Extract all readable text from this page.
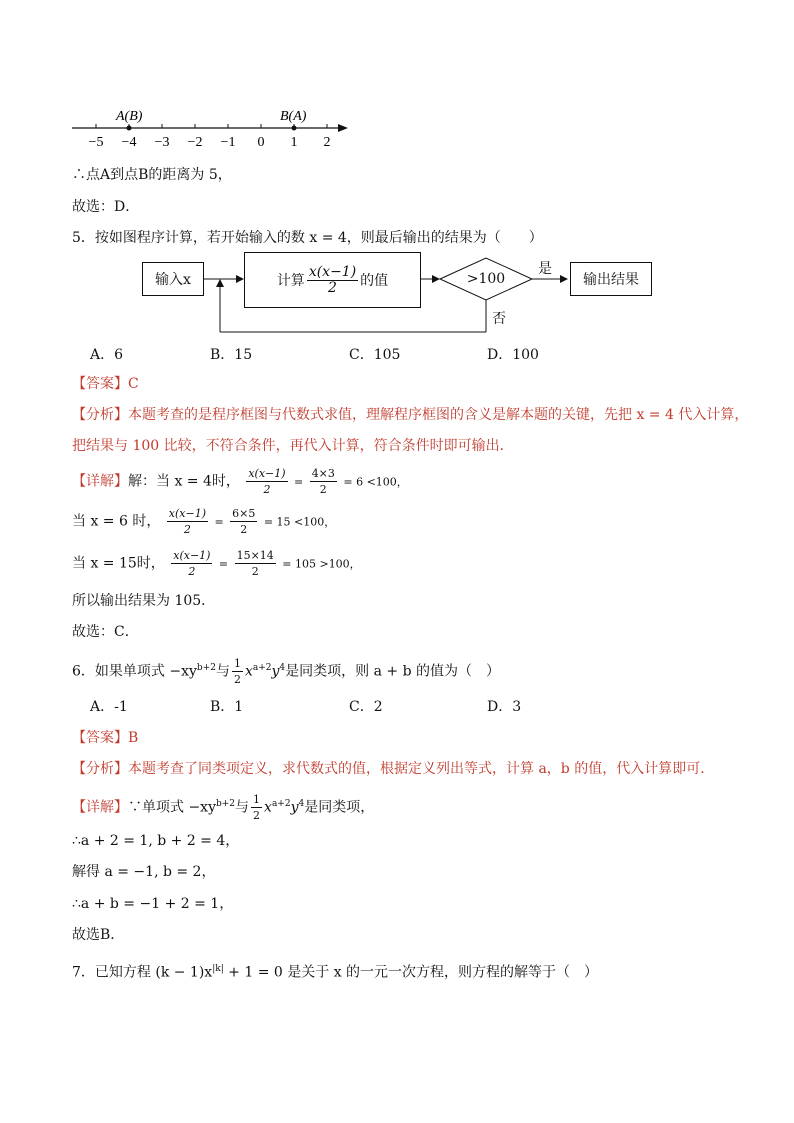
−5 −4 −3 −2 −1 0 1 2
A(B)	B(A)
∴点A到点B的距离为 5，
故选：D．
5．按如图程序计算，若开始输入的数 x = 4，则最后输出的结果为（　　）
输入x	计算 $\frac{x(x-1)}{2}$ 的值	>100
是
否
输出结果
A．6	B．15	C．105	D．100
【答案】C
【分析】本题考查的是程序框图与代数式求值，理解程序框图的含义是解本题的关键，先把 x = 4 代入计算，
把结果与 100 比较，不符合条件，再代入计算，符合条件时即可输出．
【详解】解：当 x = 4时， $\frac{x(x-1)}{2} = \frac{4\times 3}{2} = 6 <100$，
当 x = 6 时， $\frac{x(x-1)}{2} = \frac{6\times 5}{2} = 15 <100$，
当 x = 15时， $\frac{x(x-1)}{2} = \frac{15\times 14}{2} = 105 >100$，
所以输出结果为 105．
故选：C．
6．如果单项式 $-xy^{b+2}$与 $\frac{1}{2} x^{a+2}y^4$是同类项，则 a + b 的值为（　）
A．-1	B．1	C．2	D．3
【答案】B
【分析】本题考查了同类项定义，求代数式的值，根据定义列出等式，计算 a，b 的值，代入计算即可．
【详解】∵单项式 $-xy^{b+2}$与 $\frac{1}{2} x^{a+2}y^4$是同类项，
∴a + 2 = 1, b + 2 = 4，
解得 a = −1, b = 2，
∴a + b = −1 + 2 = 1，
故选B．
7．已知方程 $(k - 1)x^{|k|} + 1 = 0$ 是关于 x 的一元一次方程，则方程的解等于（　）
